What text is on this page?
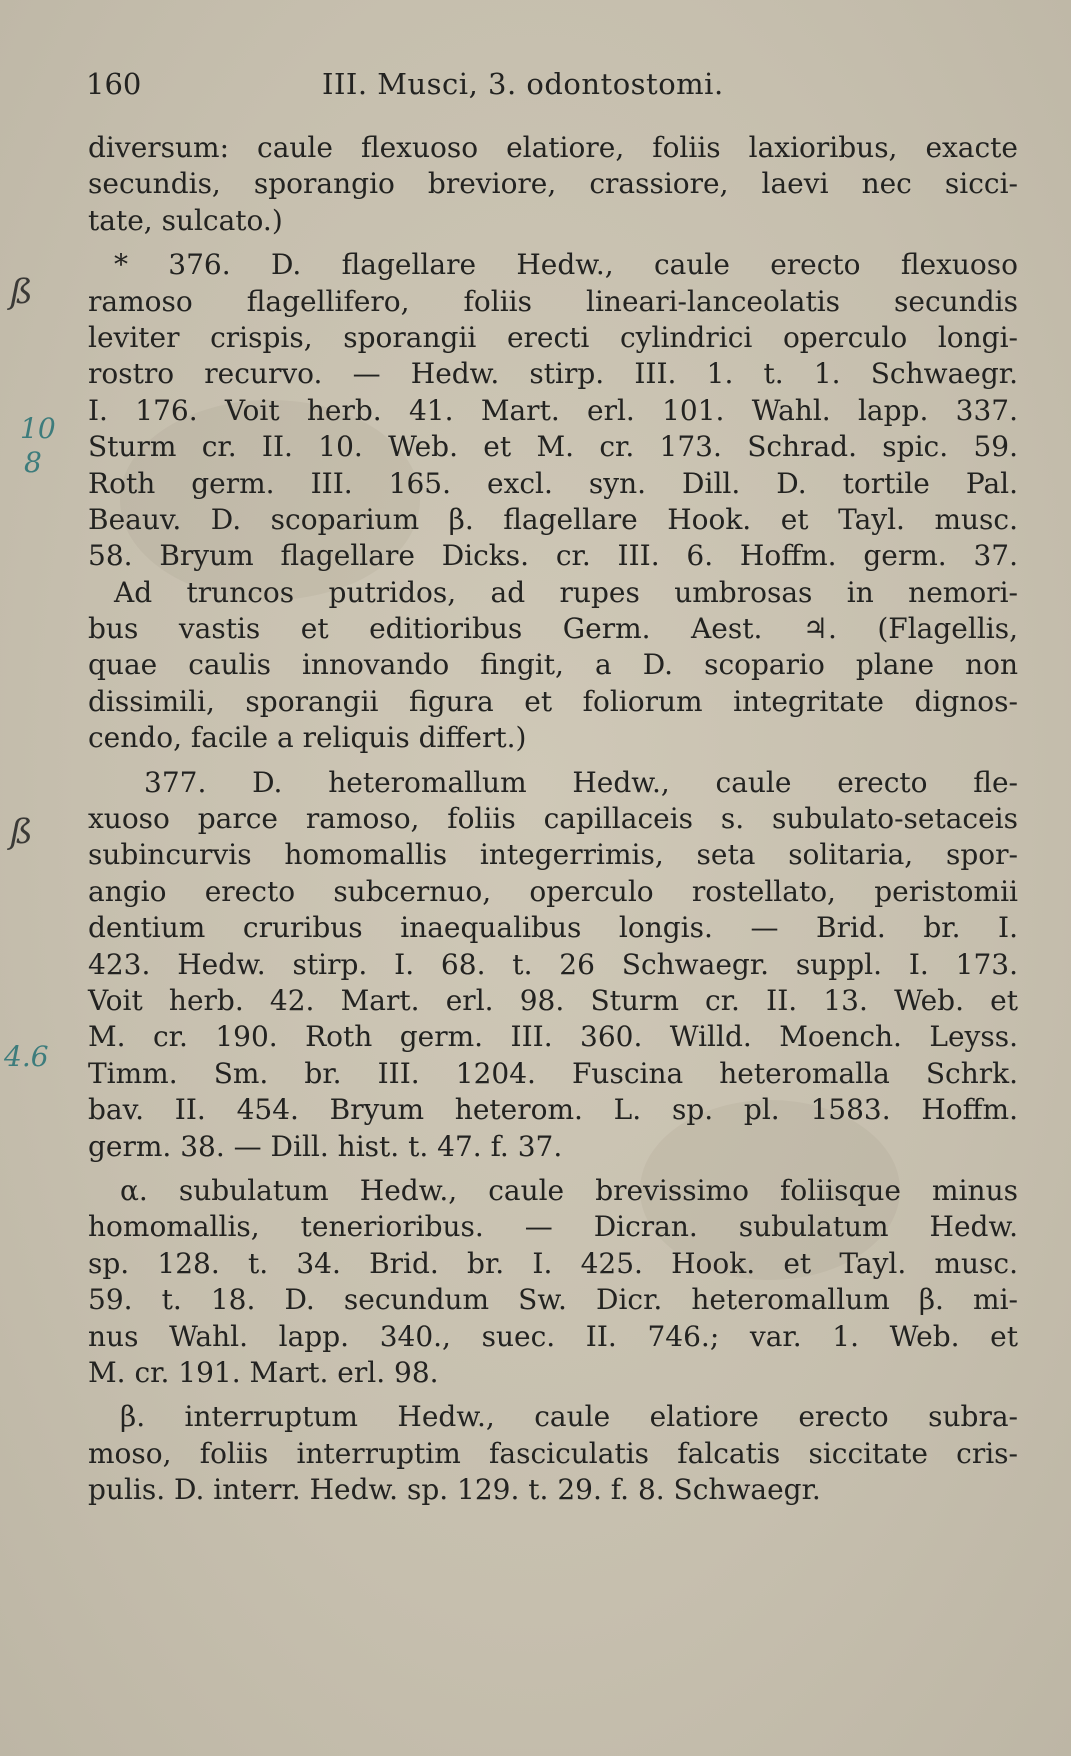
160	III. Musci, 3. odontostomi.
ß
10
8
ß
4.6
diversum: caule flexuoso elatiore, foliis laxioribus, exacte
secundis, sporangio breviore, crassiore, laevi nec sicci-
tate, sulcato.)
* 376. D. flagellare Hedw., caule erecto flexuoso
ramoso flagellifero, foliis lineari-lanceolatis secundis
leviter crispis, sporangii erecti cylindrici operculo longi-
rostro recurvo. — Hedw. stirp. III. 1. t. 1. Schwaegr.
I. 176. Voit herb. 41. Mart. erl. 101. Wahl. lapp. 337.
Sturm cr. II. 10. Web. et M. cr. 173. Schrad. spic. 59.
Roth germ. III. 165. excl. syn. Dill. D. tortile Pal.
Beauv. D. scoparium β. flagellare Hook. et Tayl. musc.
58. Bryum flagellare Dicks. cr. III. 6. Hoffm. germ. 37.
Ad truncos putridos, ad rupes umbrosas in nemori-
bus vastis et editioribus Germ. Aest. ♃. (Flagellis,
quae caulis innovando fingit, a D. scopario plane non
dissimili, sporangii figura et foliorum integritate dignos-
cendo, facile a reliquis differt.)
377. D. heteromallum Hedw., caule erecto fle-
xuoso parce ramoso, foliis capillaceis s. subulato-setaceis
subincurvis homomallis integerrimis, seta solitaria, spor-
angio erecto subcernuo, operculo rostellato, peristomii
dentium cruribus inaequalibus longis. — Brid. br. I.
423. Hedw. stirp. I. 68. t. 26 Schwaegr. suppl. I. 173.
Voit herb. 42. Mart. erl. 98. Sturm cr. II. 13. Web. et
M. cr. 190. Roth germ. III. 360. Willd. Moench. Leyss.
Timm. Sm. br. III. 1204. Fuscina heteromalla Schrk.
bav. II. 454. Bryum heterom. L. sp. pl. 1583. Hoffm.
germ. 38. — Dill. hist. t. 47. f. 37.
α. subulatum Hedw., caule brevissimo foliisque minus
homomallis, tenerioribus. — Dicran. subulatum Hedw.
sp. 128. t. 34. Brid. br. I. 425. Hook. et Tayl. musc.
59. t. 18. D. secundum Sw. Dicr. heteromallum β. mi-
nus Wahl. lapp. 340., suec. II. 746.; var. 1. Web. et
M. cr. 191. Mart. erl. 98.
β. interruptum Hedw., caule elatiore erecto subra-
moso, foliis interruptim fasciculatis falcatis siccitate cris-
pulis. D. interr. Hedw. sp. 129. t. 29. f. 8. Schwaegr.
